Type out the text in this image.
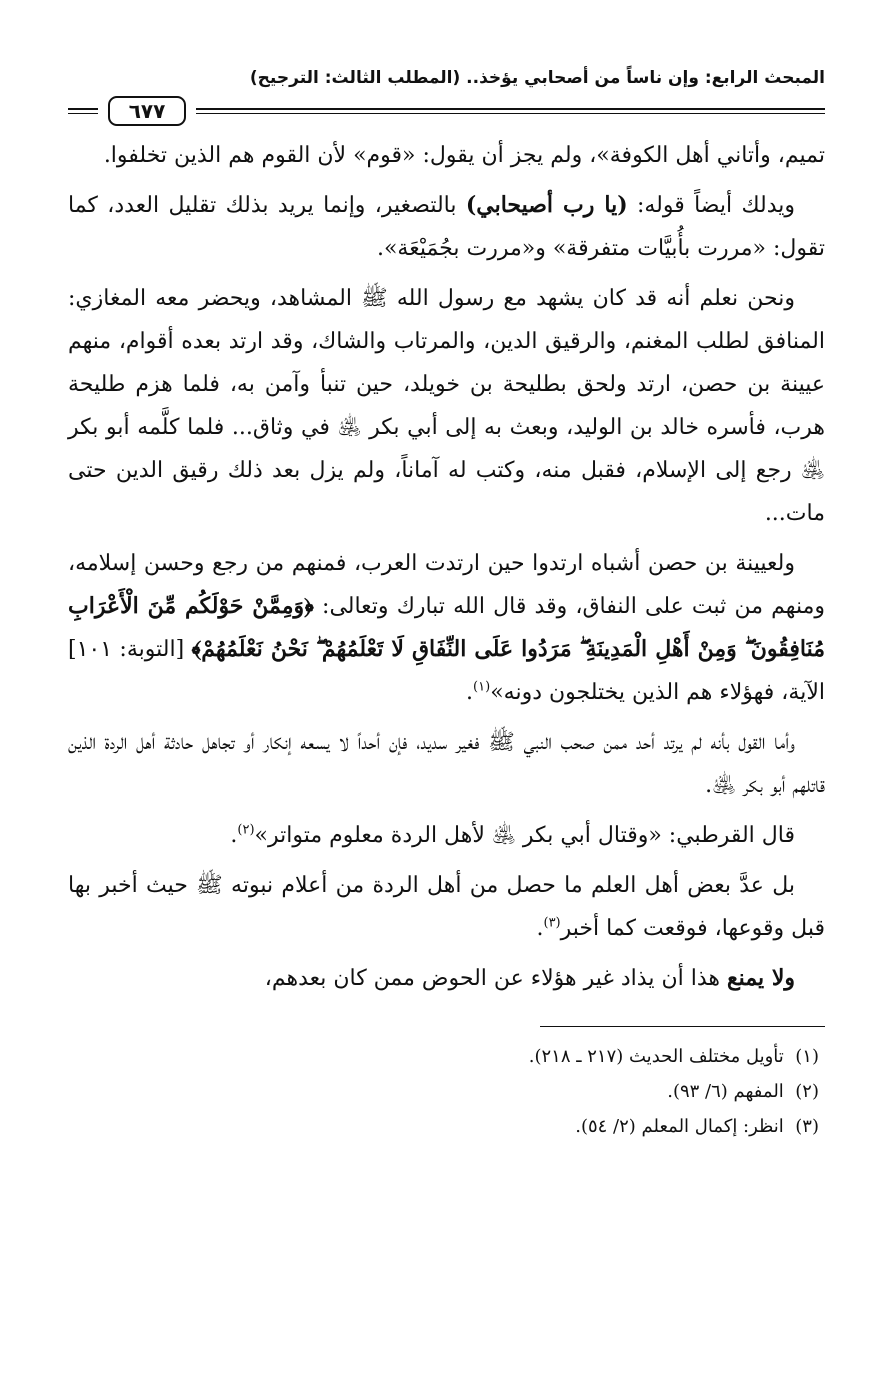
المبحث الرابع: وإن ناساً من أصحابي يؤخذ.. (المطلب الثالث: الترجيح)
٦٧٧

تميم، وأتاني أهل الكوفة»، ولم يجز أن يقول: «قوم» لأن القوم هم الذين تخلفوا.

ويدلك أيضاً قوله: (يا رب أصيحابي) بالتصغير، وإنما يريد بذلك تقليل العدد، كما تقول: «مررت بأُبيَّات متفرقة» و«مررت بجُمَيْعَة».

ونحن نعلم أنه قد كان يشهد مع رسول الله ﷺ المشاهد، ويحضر معه المغازي: المنافق لطلب المغنم، والرقيق الدين، والمرتاب والشاك، وقد ارتد بعده أقوام، منهم عيينة بن حصن، ارتد ولحق بطليحة بن خويلد، حين تنبأ وآمن به، فلما هزم طليحة هرب، فأسره خالد بن الوليد، وبعث به إلى أبي بكر ﵁ في وثاق... فلما كلَّمه أبو بكر ﵁ رجع إلى الإسلام، فقبل منه، وكتب له آماناً، ولم يزل بعد ذلك رقيق الدين حتى مات...

ولعيينة بن حصن أشباه ارتدوا حين ارتدت العرب، فمنهم من رجع وحسن إسلامه، ومنهم من ثبت على النفاق، وقد قال الله تبارك وتعالى: ﴿وَمِمَّنْ حَوْلَكُم مِّنَ الْأَعْرَابِ مُنَافِقُونَ ۖ وَمِنْ أَهْلِ الْمَدِينَةِ ۖ مَرَدُوا عَلَى النِّفَاقِ لَا تَعْلَمُهُمْ ۖ نَحْنُ نَعْلَمُهُمْ﴾ [التوبة: ١٠١] الآية، فهؤلاء هم الذين يختلجون دونه»$^{(١)}$.

وأما القول بأنه لم يرتد أحد ممن صحب النبي ﷺ فغير سديد، فإن أحداً لا يسعه إنكار أو تجاهل حادثة أهل الردة الذين قاتلهم أبو بكر ﵁.

قال القرطبي: «وقتال أبي بكر ﵁ لأهل الردة معلوم متواتر»$^{(٢)}$.

بل عدَّ بعض أهل العلم ما حصل من أهل الردة من أعلام نبوته ﷺ حيث أخبر بها قبل وقوعها، فوقعت كما أخبر$^{(٣)}$.

ولا يمنع هذا أن يذاد غير هؤلاء عن الحوض ممن كان بعدهم،

(١)  تأويل مختلف الحديث (٢١٧ ـ ٢١٨).

(٢)  المفهم (٦/ ٩٣).

(٣)  انظر: إكمال المعلم (٢/ ٥٤).
